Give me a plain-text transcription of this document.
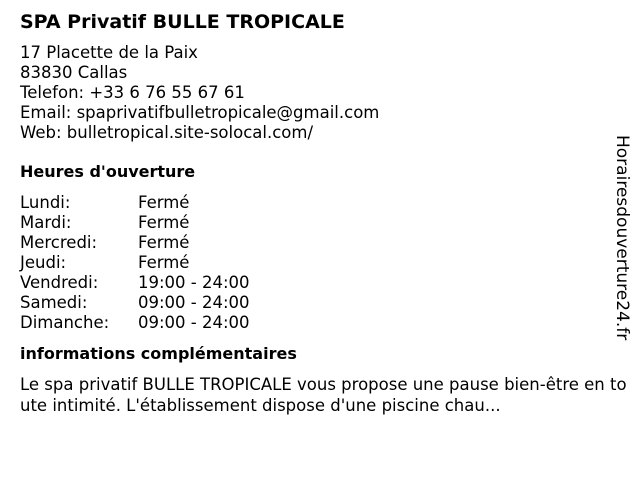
SPA Privatif BULLE TROPICALE
17 Placette de la Paix
83830 Callas
Telefon: +33 6 76 55 67 61
Email: spaprivatifbulletropicale@gmail.com
Web: bulletropical.site-solocal.com/
Heures d'ouverture
Lundi:	Fermé
Mardi:	Fermé
Mercredi: Fermé
Jeudi:	Fermé
Vendredi: 19:00 - 24:00
Samedi:	09:00 - 24:00
Dimanche: 09:00 - 24:00
informations complémentaires
Le spa privatif BULLE TROPICALE vous propose une pause bien-être en toute intimité. L'établissement dispose d'une piscine chau...
Horairesdouverture24.fr
